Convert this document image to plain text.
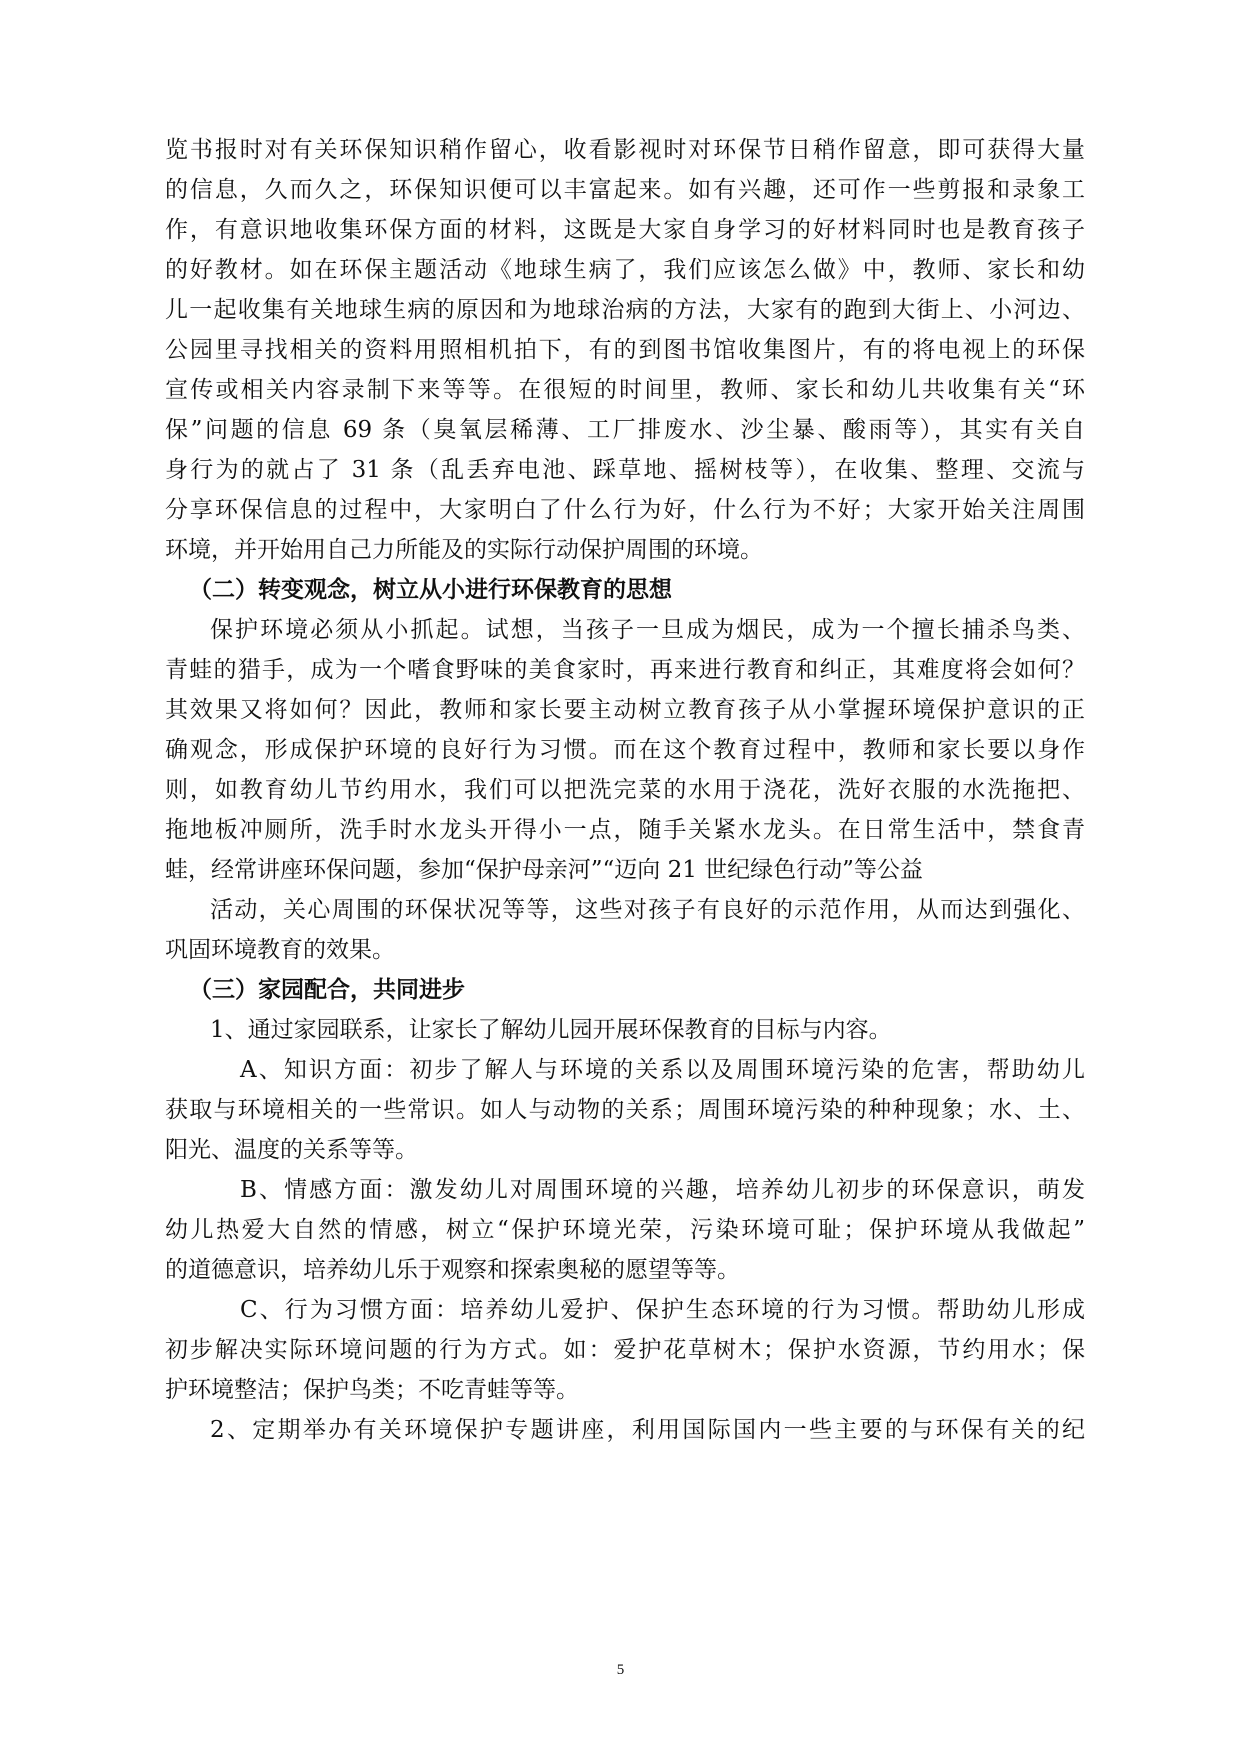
览书报时对有关环保知识稍作留心，收看影视时对环保节日稍作留意，即可获得大量
的信息，久而久之，环保知识便可以丰富起来。如有兴趣，还可作一些剪报和录象工
作，有意识地收集环保方面的材料，这既是大家自身学习的好材料同时也是教育孩子
的好教材。如在环保主题活动《地球生病了，我们应该怎么做》中，教师、家长和幼
儿一起收集有关地球生病的原因和为地球治病的方法，大家有的跑到大街上、小河边、
公园里寻找相关的资料用照相机拍下，有的到图书馆收集图片，有的将电视上的环保
宣传或相关内容录制下来等等。在很短的时间里，教师、家长和幼儿共收集有关“环
保”问题的信息 69 条（臭氧层稀薄、工厂排废水、沙尘暴、酸雨等），其实有关自
身行为的就占了 31 条（乱丢弃电池、踩草地、摇树枝等），在收集、整理、交流与
分享环保信息的过程中，大家明白了什么行为好，什么行为不好；大家开始关注周围
环境，并开始用自己力所能及的实际行动保护周围的环境。
（二）转变观念，树立从小进行环保教育的思想
保护环境必须从小抓起。试想，当孩子一旦成为烟民，成为一个擅长捕杀鸟类、
青蛙的猎手，成为一个嗜食野味的美食家时，再来进行教育和纠正，其难度将会如何？
其效果又将如何？因此，教师和家长要主动树立教育孩子从小掌握环境保护意识的正
确观念，形成保护环境的良好行为习惯。而在这个教育过程中，教师和家长要以身作
则，如教育幼儿节约用水，我们可以把洗完菜的水用于浇花，洗好衣服的水洗拖把、
拖地板冲厕所，洗手时水龙头开得小一点，随手关紧水龙头。在日常生活中，禁食青
蛙，经常讲座环保问题，参加“保护母亲河”“迈向 21 世纪绿色行动”等公益
活动，关心周围的环保状况等等，这些对孩子有良好的示范作用，从而达到强化、
巩固环境教育的效果。
（三）家园配合，共同进步
1、通过家园联系，让家长了解幼儿园开展环保教育的目标与内容。
A、知识方面：初步了解人与环境的关系以及周围环境污染的危害，帮助幼儿
获取与环境相关的一些常识。如人与动物的关系；周围环境污染的种种现象；水、土、
阳光、温度的关系等等。
B、情感方面：激发幼儿对周围环境的兴趣，培养幼儿初步的环保意识，萌发
幼儿热爱大自然的情感，树立“保护环境光荣，污染环境可耻；保护环境从我做起”
的道德意识，培养幼儿乐于观察和探索奥秘的愿望等等。
C、行为习惯方面：培养幼儿爱护、保护生态环境的行为习惯。帮助幼儿形成
初步解决实际环境问题的行为方式。如：爱护花草树木；保护水资源，节约用水；保
护环境整洁；保护鸟类；不吃青蛙等等。
2、定期举办有关环境保护专题讲座，利用国际国内一些主要的与环保有关的纪
5
